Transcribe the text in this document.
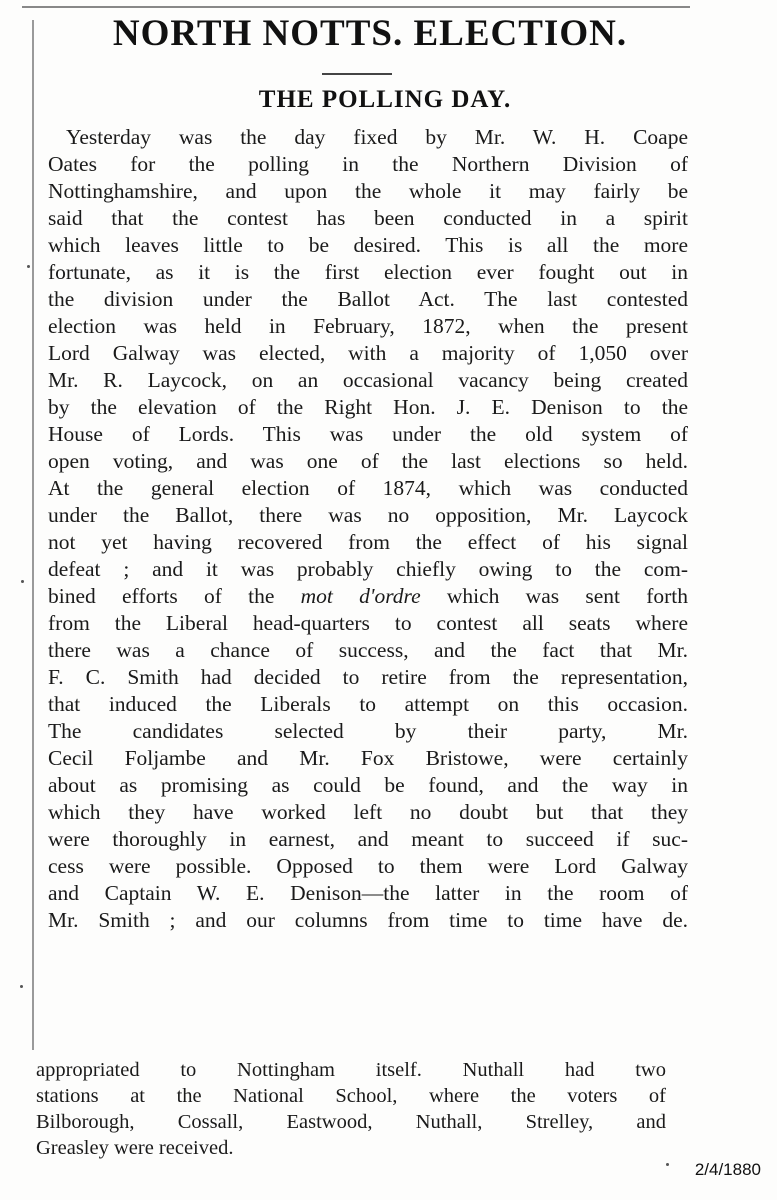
NORTH NOTTS. ELECTION.
THE POLLING DAY.
Yesterday was the day fixed by Mr. W. H. Coape
Oates for the polling in the Northern Division of
Nottinghamshire, and upon the whole it may fairly be
said that the contest has been conducted in a spirit
which leaves little to be desired. This is all the more
fortunate, as it is the first election ever fought out in
the division under the Ballot Act. The last contested
election was held in February, 1872, when the present
Lord Galway was elected, with a majority of 1,050 over
Mr. R. Laycock, on an occasional vacancy being created
by the elevation of the Right Hon. J. E. Denison to the
House of Lords. This was under the old system of
open voting, and was one of the last elections so held.
At the general election of 1874, which was conducted
under the Ballot, there was no opposition, Mr. Laycock
not yet having recovered from the effect of his signal
defeat ; and it was probably chiefly owing to the com-
bined efforts of the mot d'ordre which was sent forth
from the Liberal head-quarters to contest all seats where
there was a chance of success, and the fact that Mr.
F. C. Smith had decided to retire from the representation,
that induced the Liberals to attempt on this occasion.
The candidates selected by their party, Mr.
Cecil Foljambe and Mr. Fox Bristowe, were certainly
about as promising as could be found, and the way in
which they have worked left no doubt but that they
were thoroughly in earnest, and meant to succeed if suc-
cess were possible. Opposed to them were Lord Galway
and Captain W. E. Denison—the latter in the room of
Mr. Smith ; and our columns from time to time have de.
appropriated to Nottingham itself. Nuthall had two
stations at the National School, where the voters of
Bilborough, Cossall, Eastwood, Nuthall, Strelley, and
Greasley were received.
2/4/1880
